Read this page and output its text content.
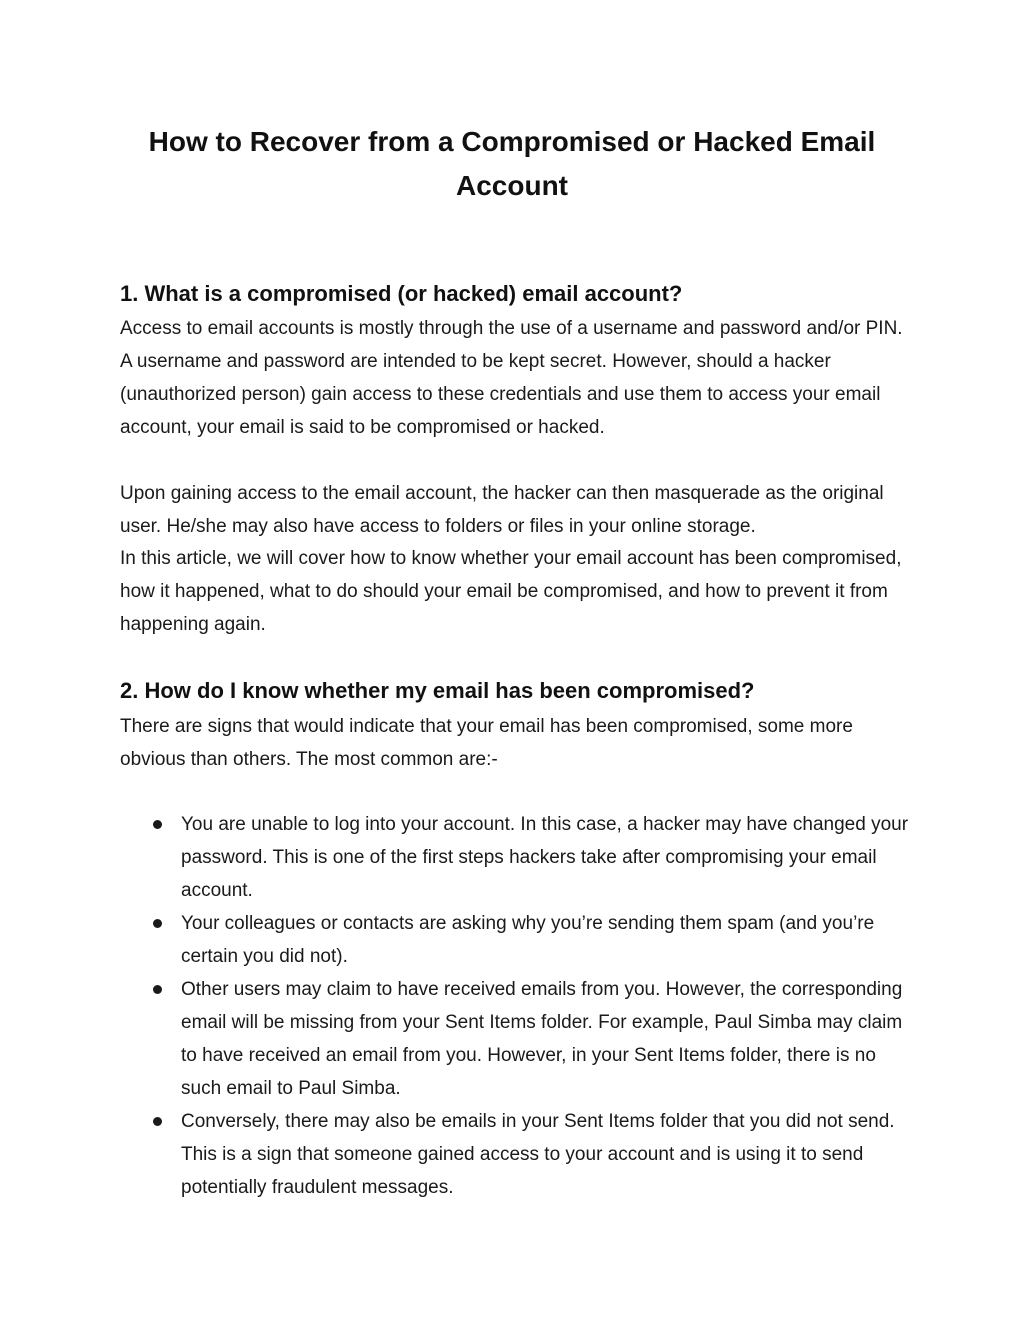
How to Recover from a Compromised or Hacked Email Account
1. What is a compromised (or hacked) email account?

Access to email accounts is mostly through the use of a username and password and/or PIN. A username and password are intended to be kept secret. However, should a hacker (unauthorized person) gain access to these credentials and use them to access your email account, your email is said to be compromised or hacked.

Upon gaining access to the email account, the hacker can then masquerade as the original user. He/she may also have access to folders or files in your online storage.

In this article, we will cover how to know whether your email account has been compromised, how it happened, what to do should your email be compromised, and how to prevent it from happening again.

2. How do I know whether my email has been compromised?

There are signs that would indicate that your email has been compromised, some more obvious than others. The most common are:-

You are unable to log into your account. In this case, a hacker may have changed your password. This is one of the first steps hackers take after compromising your email account.
Your colleagues or contacts are asking why you’re sending them spam (and you’re certain you did not).
Other users may claim to have received emails from you. However, the corresponding email will be missing from your Sent Items folder. For example, Paul Simba may claim to have received an email from you. However, in your Sent Items folder, there is no such email to Paul Simba.
Conversely, there may also be emails in your Sent Items folder that you did not send. This is a sign that someone gained access to your account and is using it to send potentially fraudulent messages.
